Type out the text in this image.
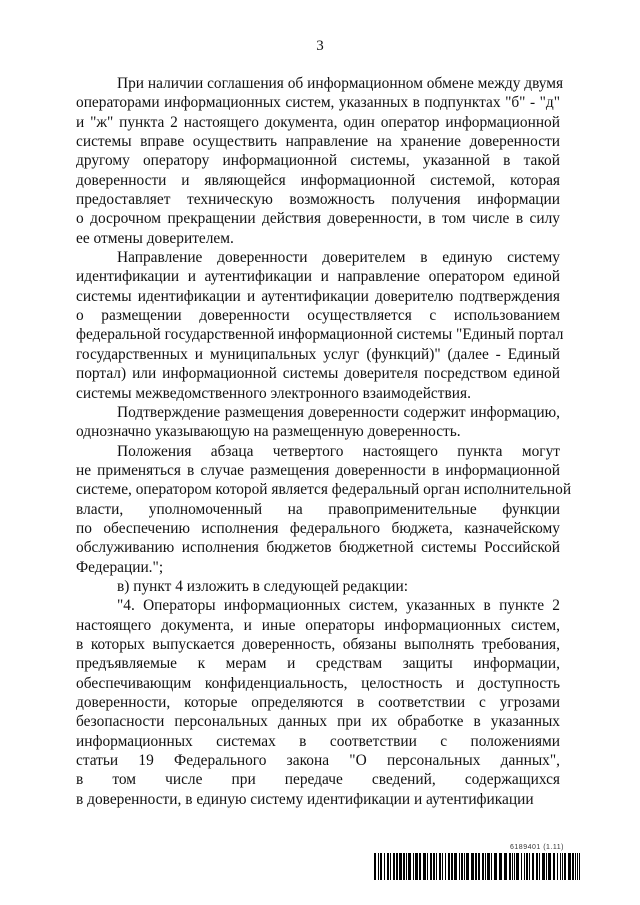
3

При наличии соглашения об информационном обмене между двумя
операторами информационных систем, указанных в подпунктах "б" - "д"
и "ж" пункта 2 настоящего документа, один оператор информационной
системы вправе осуществить направление на хранение доверенности
другому оператору информационной системы, указанной в такой
доверенности и являющейся информационной системой, которая
предоставляет техническую возможность получения информации
о досрочном прекращении действия доверенности, в том числе в силу
ее отмены доверителем.

Направление доверенности доверителем в единую систему
идентификации и аутентификации и направление оператором единой
системы идентификации и аутентификации доверителю подтверждения
о размещении доверенности осуществляется с использованием
федеральной государственной информационной системы "Единый портал
государственных и муниципальных услуг (функций)" (далее - Единый
портал) или информационной системы доверителя посредством единой
системы межведомственного электронного взаимодействия.

Подтверждение размещения доверенности содержит информацию,
однозначно указывающую на размещенную доверенность.

Положения абзаца четвертого настоящего пункта могут
не применяться в случае размещения доверенности в информационной
системе, оператором которой является федеральный орган исполнительной
власти, уполномоченный на правоприменительные функции
по обеспечению исполнения федерального бюджета, казначейскому
обслуживанию исполнения бюджетов бюджетной системы Российской
Федерации.";

в) пункт 4 изложить в следующей редакции:

"4. Операторы информационных систем, указанных в пункте 2
настоящего документа, и иные операторы информационных систем,
в которых выпускается доверенность, обязаны выполнять требования,
предъявляемые к мерам и средствам защиты информации,
обеспечивающим конфиденциальность, целостность и доступность
доверенности, которые определяются в соответствии с угрозами
безопасности персональных данных при их обработке в указанных
информационных системах в соответствии с положениями
статьи 19 Федерального закона "О персональных данных",
в том числе при передаче сведений, содержащихся
в доверенности, в единую систему идентификации и аутентификации

6189401 (1.11)
